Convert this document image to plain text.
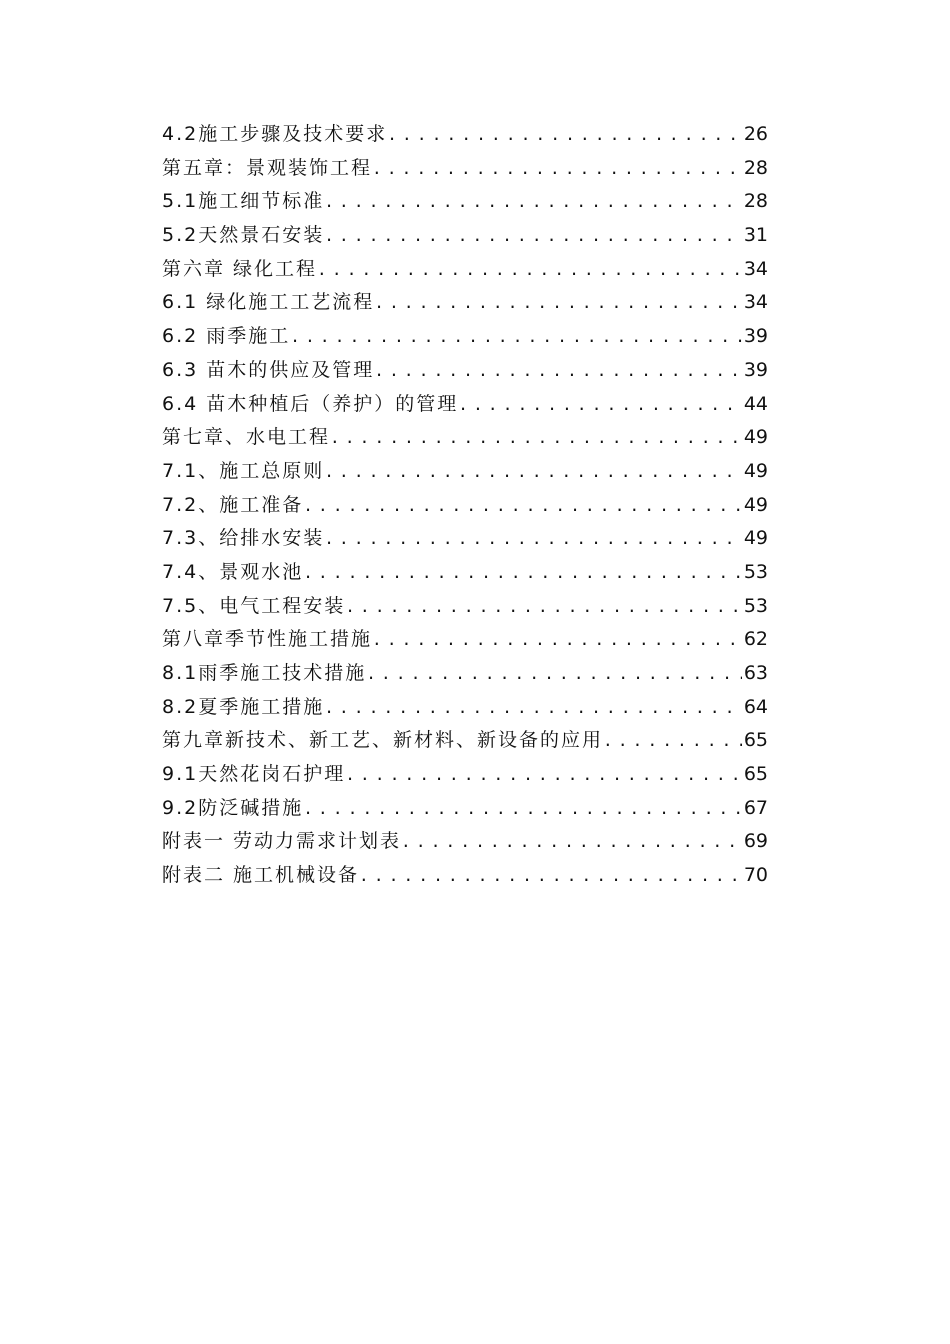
4.2施工步骤及技术要求 .....	26
第五章：景观装饰工程 .....	28
5.1施工细节标准 .....	28
5.2天然景石安装 .....	31
第六章 绿化工程 .....	34
6.1 绿化施工工艺流程 .....	34
6.2 雨季施工 .....	39
6.3 苗木的供应及管理 .....	39
6.4 苗木种植后（养护）的管理 .....	44
第七章、水电工程 .....	49
7.1、施工总原则 .....	49
7.2、施工准备 .....	49
7.3、给排水安装 .....	49
7.4、景观水池 .....	53
7.5、电气工程安装 .....	53
第八章季节性施工措施 .....	62
8.1雨季施工技术措施 .....	63
8.2夏季施工措施 .....	64
第九章新技术、新工艺、新材料、新设备的应用 .....	65
9.1天然花岗石护理 .....	65
9.2防泛碱措施 .....	67
附表一 劳动力需求计划表 .....	69
附表二 施工机械设备 .....	70
